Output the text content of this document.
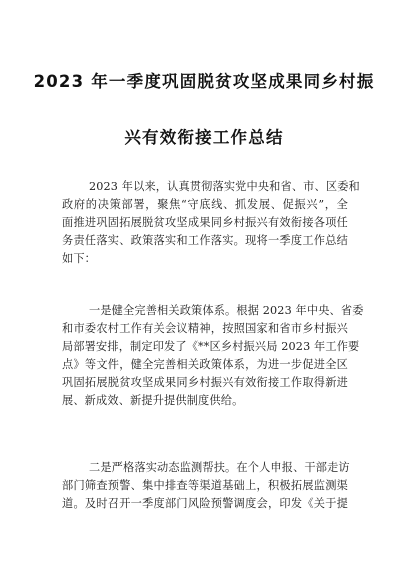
2023 年一季度巩固脱贫攻坚成果同乡村振
兴有效衔接工作总结
2023 年以来，认真贯彻落实党中央和省、市、区委和
政府的决策部署，聚焦“守底线、抓发展、促振兴”，全
面推进巩固拓展脱贫攻坚成果同乡村振兴有效衔接各项任
务责任落实、政策落实和工作落实。现将一季度工作总结
如下：
一是健全完善相关政策体系。根据 2023 年中央、省委
和市委农村工作有关会议精神，按照国家和省市乡村振兴
局部署安排，制定印发了《**区乡村振兴局 2023 年工作要
点》等文件，健全完善相关政策体系，为进一步促进全区
巩固拓展脱贫攻坚成果同乡村振兴有效衔接工作取得新进
展、新成效、新提升提供制度供给。
二是严格落实动态监测帮扶。在个人申报、干部走访
部门筛查预警、集中排查等渠道基础上，积极拓展监测渠
道。及时召开一季度部门风险预警调度会，印发《关于提
